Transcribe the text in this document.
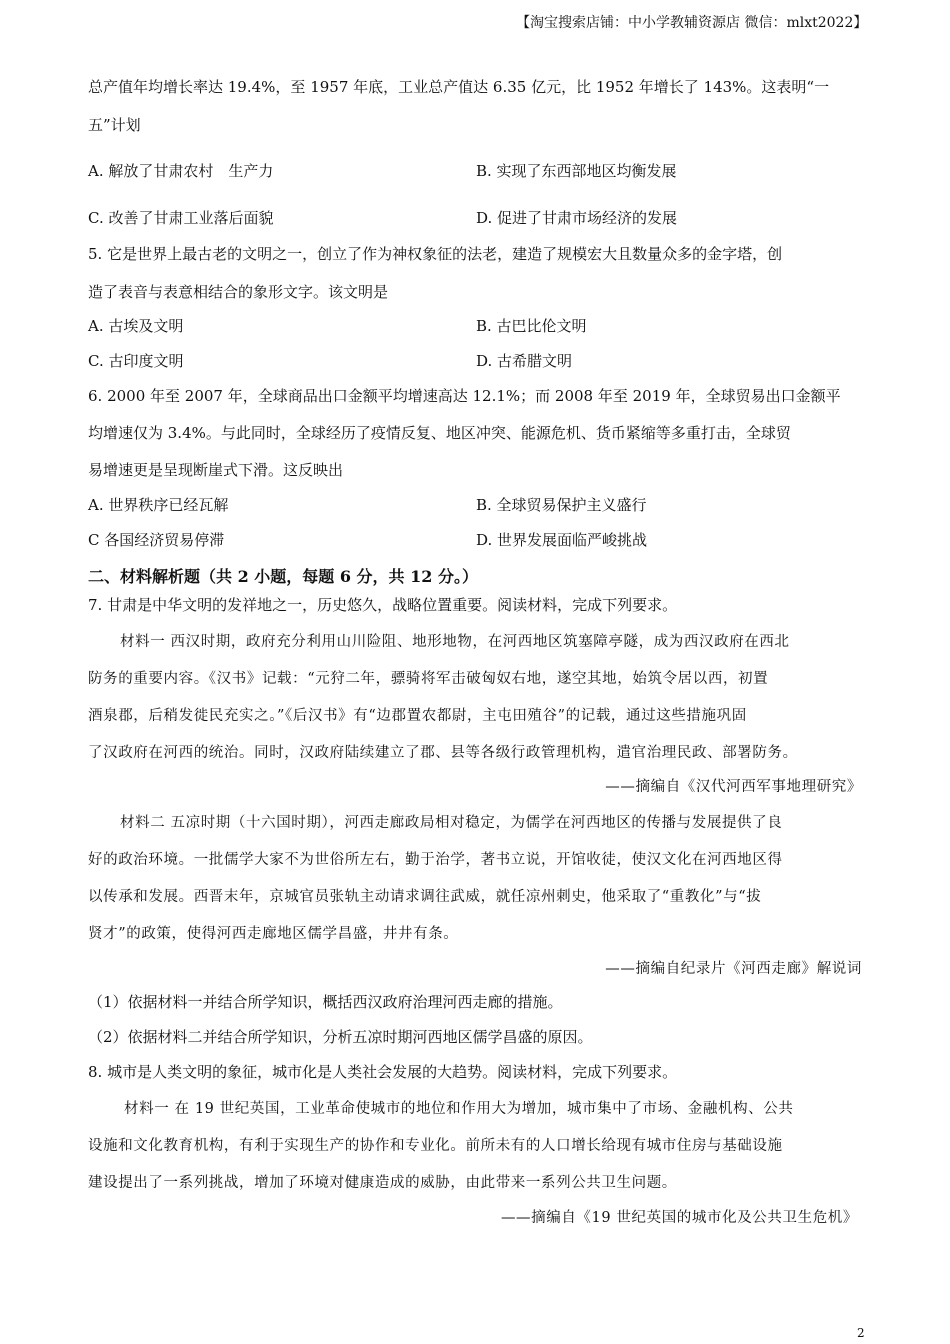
【淘宝搜索店铺：中小学教辅资源店 微信：mlxt2022】
总产值年均增长率达 19.4%，至 1957 年底，工业总产值达 6.35 亿元，比 1952 年增长了 143%。这表明“一
五”计划
A. 解放了甘肃农村　生产力	B. 实现了东西部地区均衡发展
C. 改善了甘肃工业落后面貌	D. 促进了甘肃市场经济的发展
5. 它是世界上最古老的文明之一，创立了作为神权象征的法老，建造了规模宏大且数量众多的金字塔，创
造了表音与表意相结合的象形文字。该文明是
A. 古埃及文明	B. 古巴比伦文明
C. 古印度文明	D. 古希腊文明
6. 2000 年至 2007 年，全球商品出口金额平均增速高达 12.1%；而 2008 年至 2019 年，全球贸易出口金额平
均增速仅为 3.4%。与此同时，全球经历了疫情反复、地区冲突、能源危机、货币紧缩等多重打击，全球贸
易增速更是呈现断崖式下滑。这反映出
A. 世界秩序已经瓦解	B. 全球贸易保护主义盛行
C 各国经济贸易停滞	D. 世界发展面临严峻挑战
二、材料解析题（共 2 小题，每题 6 分，共 12 分。）
7. 甘肃是中华文明的发祥地之一，历史悠久，战略位置重要。阅读材料，完成下列要求。
材料一 西汉时期，政府充分利用山川险阻、地形地物，在河西地区筑塞障亭隧，成为西汉政府在西北
防务的重要内容。《汉书》记载：“元狩二年，骠骑将军击破匈奴右地，遂空其地，始筑令居以西，初置
酒泉郡，后稍发徙民充实之。”《后汉书》有“边郡置农都尉，主屯田殖谷”的记载，通过这些措施巩固
了汉政府在河西的统治。同时，汉政府陆续建立了郡、县等各级行政管理机构，遣官治理民政、部署防务。
——摘编自《汉代河西军事地理研究》
材料二 五凉时期（十六国时期），河西走廊政局相对稳定，为儒学在河西地区的传播与发展提供了良
好的政治环境。一批儒学大家不为世俗所左右，勤于治学，著书立说，开馆收徒，使汉文化在河西地区得
以传承和发展。西晋末年，京城官员张轨主动请求调往武威，就任凉州刺史，他采取了“重教化”与“拔
贤才”的政策，使得河西走廊地区儒学昌盛，井井有条。
——摘编自纪录片《河西走廊》解说词
（1）依据材料一并结合所学知识，概括西汉政府治理河西走廊的措施。
（2）依据材料二并结合所学知识，分析五凉时期河西地区儒学昌盛的原因。
8. 城市是人类文明的象征，城市化是人类社会发展的大趋势。阅读材料，完成下列要求。
材料一 在 19 世纪英国，工业革命使城市的地位和作用大为增加，城市集中了市场、金融机构、公共
设施和文化教育机构，有利于实现生产的协作和专业化。前所未有的人口增长给现有城市住房与基础设施
建设提出了一系列挑战，增加了环境对健康造成的威胁，由此带来一系列公共卫生问题。
——摘编自《19 世纪英国的城市化及公共卫生危机》
2
